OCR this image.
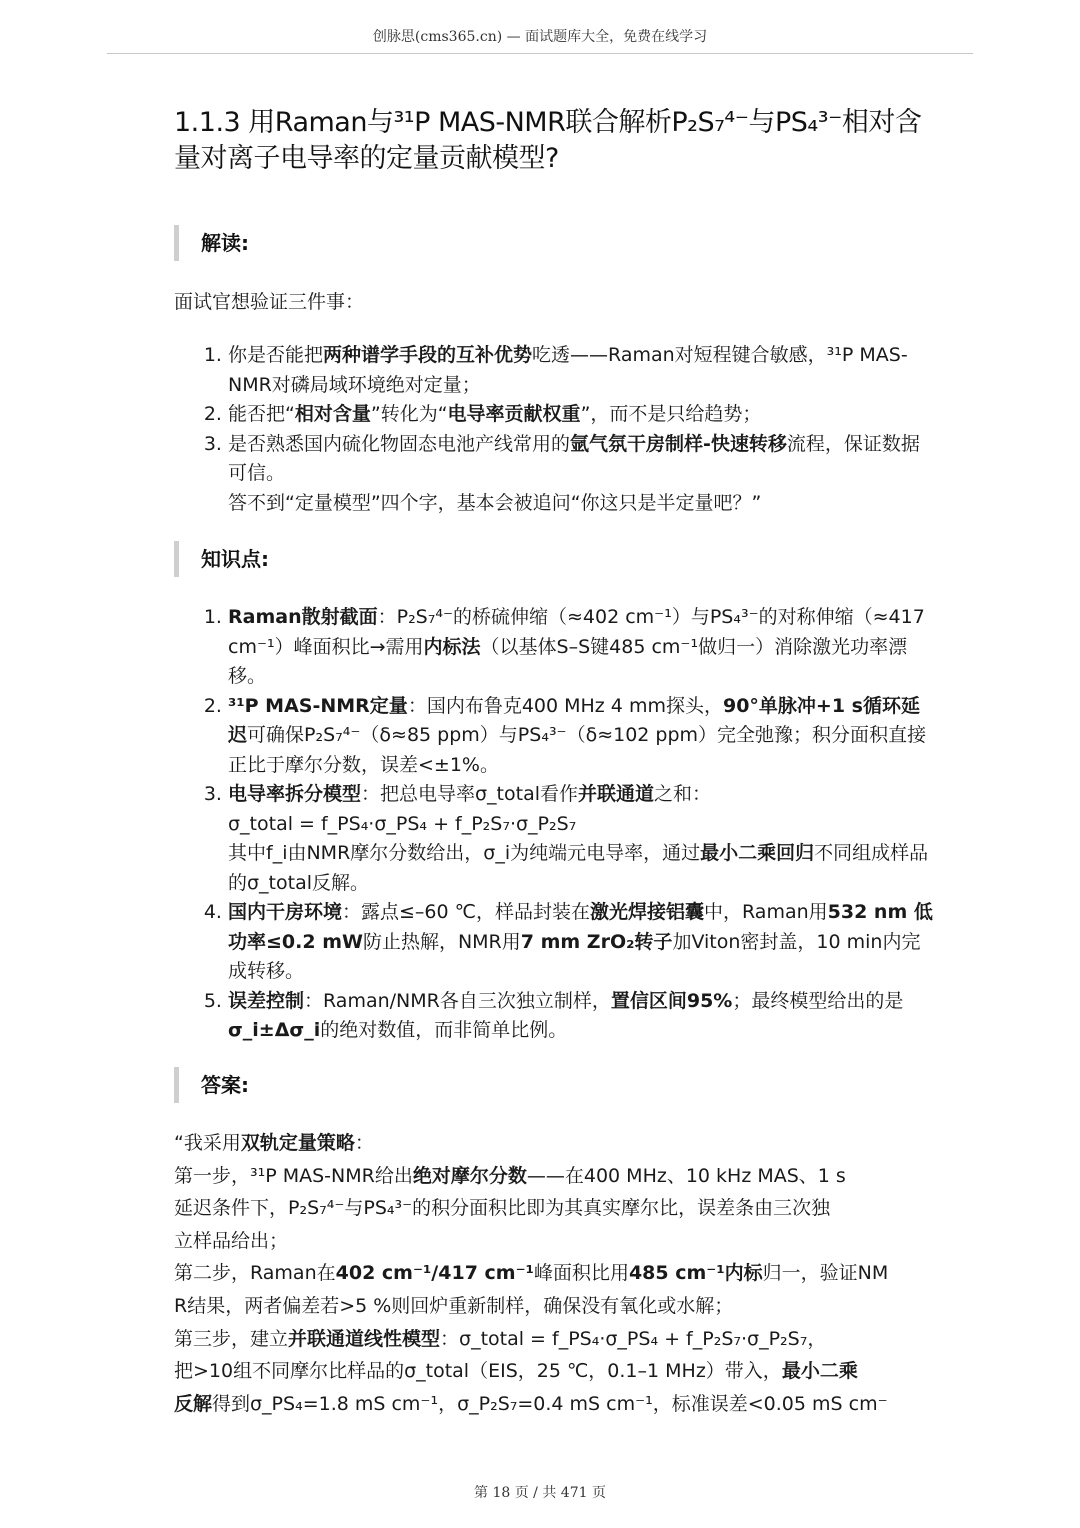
创脉思(cms365.cn) — 面试题库大全，免费在线学习
1.1.3 用Raman与³¹P MAS-NMR联合解析P₂S₇⁴⁻与PS₄³⁻相对含量对离子电导率的定量贡献模型?
解读:
面试官想验证三件事：
1. 你是否能把两种谱学手段的互补优势吃透——Raman对短程键合敏感，³¹P MAS-NMR对磷局域环境绝对定量；
2. 能否把“相对含量”转化为“电导率贡献权重”，而不是只给趋势；
3. 是否熟悉国内硫化物固态电池产线常用的氩气氛干房制样-快速转移流程，保证数据可信。
答不到“定量模型”四个字，基本会被追问“你这只是半定量吧？”
知识点:
1. Raman散射截面：P₂S₇⁴⁻的桥硫伸缩（≈402 cm⁻¹）与PS₄³⁻的对称伸缩（≈417 cm⁻¹）峰面积比→需用内标法（以基体S–S键485 cm⁻¹做归一）消除激光功率漂移。
2. ³¹P MAS-NMR定量：国内布鲁克400 MHz 4 mm探头，90°单脉冲+1 s循环延迟可确保P₂S₇⁴⁻（δ≈85 ppm）与PS₄³⁻（δ≈102 ppm）完全弛豫；积分面积直接正比于摩尔分数，误差<±1%。
3. 电导率拆分模型：把总电导率σ_total看作并联通道之和：
σ_total = f_PS₄·σ_PS₄ + f_P₂S₇·σ_P₂S₇
其中f_i由NMR摩尔分数给出，σ_i为纯端元电导率，通过最小二乘回归不同组成样品的σ_total反解。
4. 国内干房环境：露点≤–60 ℃，样品封装在激光焊接铝囊中，Raman用532 nm 低功率≤0.2 mW防止热解，NMR用7 mm ZrO₂转子加Viton密封盖，10 min内完成转移。
5. 误差控制：Raman/NMR各自三次独立制样，置信区间95%；最终模型给出的是σ_i±Δσ_i的绝对数值，而非简单比例。
答案:

“我采用双轨定量策略：

第一步，³¹P MAS-NMR给出绝对摩尔分数——在400 MHz、10 kHz MAS、1 s

延迟条件下，P₂S₇⁴⁻与PS₄³⁻的积分面积比即为其真实摩尔比，误差条由三次独

立样品给出；

第二步，Raman在402 cm⁻¹/417 cm⁻¹峰面积比用485 cm⁻¹内标归一，验证NM

R结果，两者偏差若>5 %则回炉重新制样，确保没有氧化或水解；

第三步，建立并联通道线性模型：σ_total = f_PS₄·σ_PS₄ + f_P₂S₇·σ_P₂S₇，

把>10组不同摩尔比样品的σ_total（EIS，25 ℃，0.1–1 MHz）带入，最小二乘

反解得到σ_PS₄=1.8 mS cm⁻¹，σ_P₂S₇=0.4 mS cm⁻¹，标准误差<0.05 mS cm⁻

第 18 页 / 共 471 页
